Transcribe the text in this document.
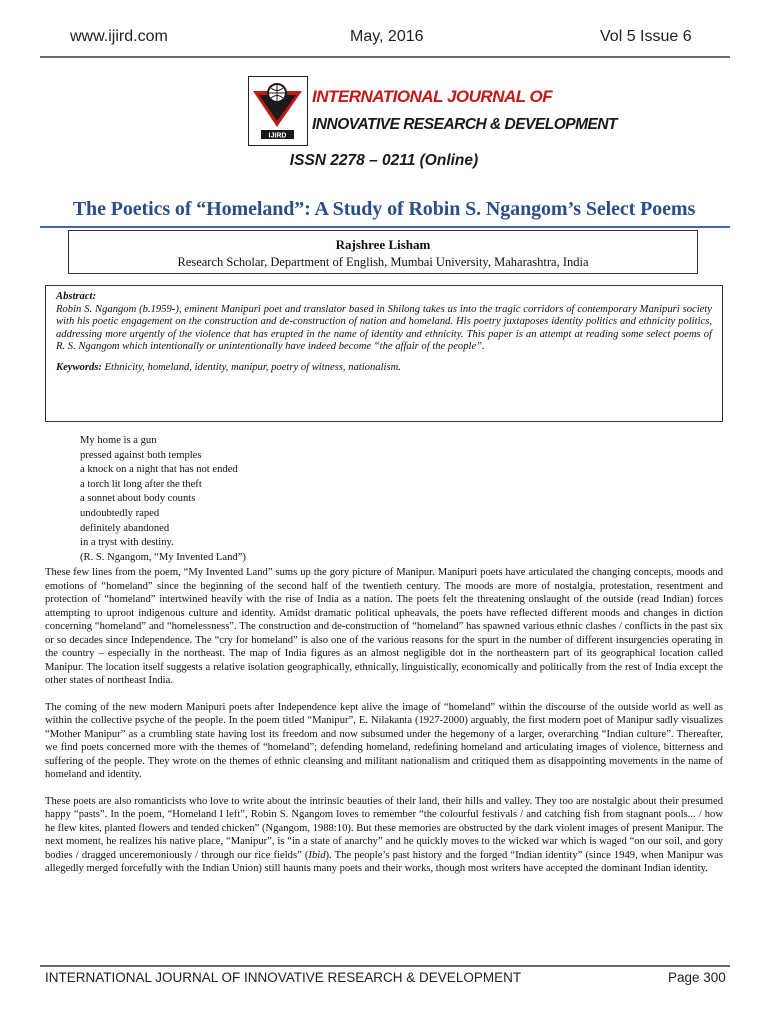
www.ijird.com	May, 2016	Vol 5 Issue 6
IJIRD
INTERNATIONAL JOURNAL OF
INNOVATIVE RESEARCH & DEVELOPMENT
ISSN 2278 – 0211 (Online)
The Poetics of “Homeland”: A Study of Robin S. Ngangom’s Select Poems
Rajshree Lisham
Research Scholar, Department of English, Mumbai University, Maharashtra, India
Abstract:
Robin S. Ngangom (b.1959-), eminent Manipuri poet and translator based in Shilong takes us into the tragic corridors of contemporary Manipuri society with his poetic engagement on the construction and de-construction of nation and homeland. His poetry juxtaposes identity politics and ethnicity politics, addressing more urgently of the violence that has erupted in the name of identity and ethnicity. This paper is an attempt at reading some select poems of R. S. Ngangom which intentionally or unintentionally have indeed become “the affair of the people”.
Keywords: Ethnicity, homeland, identity, manipur, poetry of witness, nationalism.
My home is a gun
pressed against both temples
a knock on a night that has not ended
a torch lit long after the theft
a sonnet about body counts
undoubtedly raped
definitely abandoned
in a tryst with destiny.
(R. S. Ngangom, “My Invented Land”)

These few lines from the poem, “My Invented Land” sums up the gory picture of Manipur. Manipuri poets have articulated the changing concepts, moods and emotions of “homeland” since the beginning of the second half of the twentieth century. The moods are more of nostalgia, protestation, resentment and protection of “homeland” intertwined heavily with the rise of India as a nation. The poets felt the threatening onslaught of the outside (read Indian) forces attempting to uproot indigenous culture and identity. Amidst dramatic political upheavals, the poets have reflected different moods and changes in diction concerning “homeland” and “homelessness”. The construction and de-construction of “homeland” has spawned various ethnic clashes / conflicts in the past six or so decades since Independence. The “cry for homeland” is also one of the various reasons for the spurt in the number of different insurgencies operating in the country – especially in the northeast. The map of India figures as an almost negligible dot in the northeastern part of its geographical location called Manipur. The location itself suggests a relative isolation geographically, ethnically, linguistically, economically and politically from the rest of India except the other states of northeast India.

The coming of the new modern Manipuri poets after Independence kept alive the image of “homeland” within the discourse of the outside world as well as within the collective psyche of the people. In the poem titled “Manipur”, E. Nilakanta (1927-2000) arguably, the first modern poet of Manipur sadly visualizes “Mother Manipur” as a crumbling state having lost its freedom and now subsumed under the hegemony of a larger, overarching “Indian culture”. Thereafter, we find poets concerned more with the themes of “homeland”; defending homeland, redefining homeland and articulating images of violence, bitterness and suffering of the people. They wrote on the themes of ethnic cleansing and militant nationalism and critiqued them as disappointing movements in the name of homeland and identity.

These poets are also romanticists who love to write about the intrinsic beauties of their land, their hills and valley. They too are nostalgic about their presumed happy “pasts”. In the poem, “Homeland I left”, Robin S. Ngangom loves to remember “the colourful festivals / and catching fish from stagnant pools... / how he flew kites, planted flowers and tended chicken” (Ngangom, 1988:10). But these memories are obstructed by the dark violent images of present Manipur. The next moment, he realizes his native place, “Manipur”, is “in a state of anarchy” and he quickly moves to the wicked war which is waged “on our soil, and gory bodies / dragged unceremoniously / through our rice fields” (Ibid). The people’s past history and the forged “Indian identity” (since 1949, when Manipur was allegedly merged forcefully with the Indian Union) still haunts many poets and their works, though most writers have accepted the dominant Indian identity.

INTERNATIONAL JOURNAL OF INNOVATIVE RESEARCH & DEVELOPMENT	Page 300
